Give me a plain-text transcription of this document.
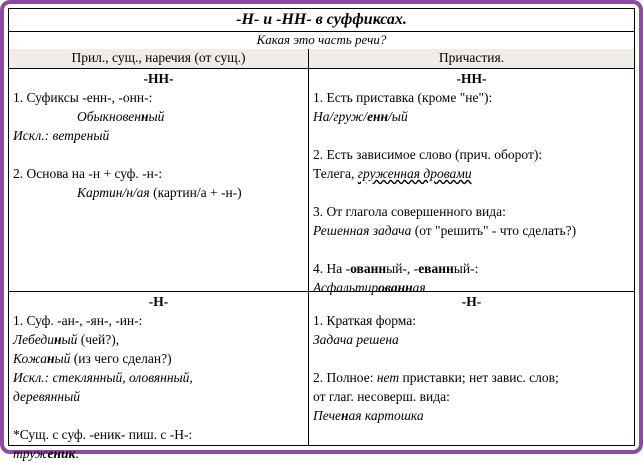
-Н- и -НН- в суффиксах.
Какая это часть речи?
Прил., сущ., наречия (от сущ.)	Причастия.
-НН-
1. Суфиксы -енн-, -онн-:
Обыкновенный
Искл.: ветреный
2. Основа на -н + суф. -н-:
Картин/н/ая (картин/а + -н-)
-НН-
1. Есть приставка (кроме "не"):
На/груж/енн/ый
2. Есть зависимое слово (прич. оборот):
Телега, груженная дровами
3. От глагола совершенного вида:
Решенная задача (от "решить" - что сделать?)
4. На -ованный-, -еванный-:
Асфальтированная
-Н-
1. Суф. -ан-, -ян-, -ин-:
Лебединый (чей?),
Кожаный (из чего сделан?)
Искл.: стеклянный, оловянный,
деревянный
*Сущ. с суф. -еник- пиш. с -Н-:
труженик.
-Н-
1. Краткая форма:
Задача решена
2. Полное: нет приставки; нет завис. слов;
от глаг. несоверш. вида:
Печеная картошка
